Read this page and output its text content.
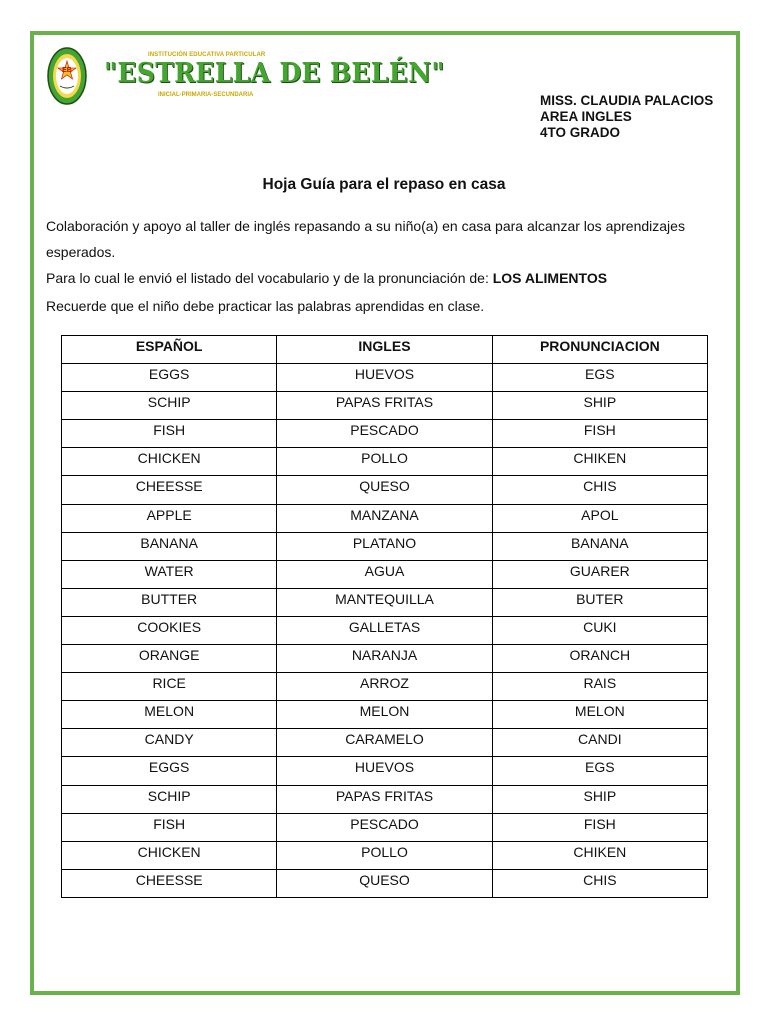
EB
INSTITUCIÓN EDUCATIVA PARTICULAR
"ESTRELLA DE BELÉN"
INICIAL-PRIMARIA-SECUNDARIA	MISS. CLAUDIA PALACIOS
AREA INGLES
4TO GRADO
Hoja Guía para el repaso en casa
Colaboración y apoyo al taller de inglés repasando a su niño(a) en casa para alcanzar los aprendizajes
esperados.
Para lo cual le envió el listado del vocabulario y de la pronunciación de: LOS ALIMENTOS
Recuerde que el niño debe practicar las palabras aprendidas en clase.
ESPAÑOL	INGLES	PRONUNCIACION
EGGS	HUEVOS	EGS
SCHIP	PAPAS FRITAS	SHIP
FISH	PESCADO	FISH
CHICKEN	POLLO	CHIKEN
CHEESSE	QUESO	CHIS
APPLE	MANZANA	APOL
BANANA	PLATANO	BANANA
WATER	AGUA	GUARER
BUTTER	MANTEQUILLA	BUTER
COOKIES	GALLETAS	CUKI
ORANGE	NARANJA	ORANCH
RICE	ARROZ	RAIS
MELON	MELON	MELON
CANDY	CARAMELO	CANDI
EGGS	HUEVOS	EGS
SCHIP	PAPAS FRITAS	SHIP
FISH	PESCADO	FISH
CHICKEN	POLLO	CHIKEN
CHEESSE	QUESO	CHIS
